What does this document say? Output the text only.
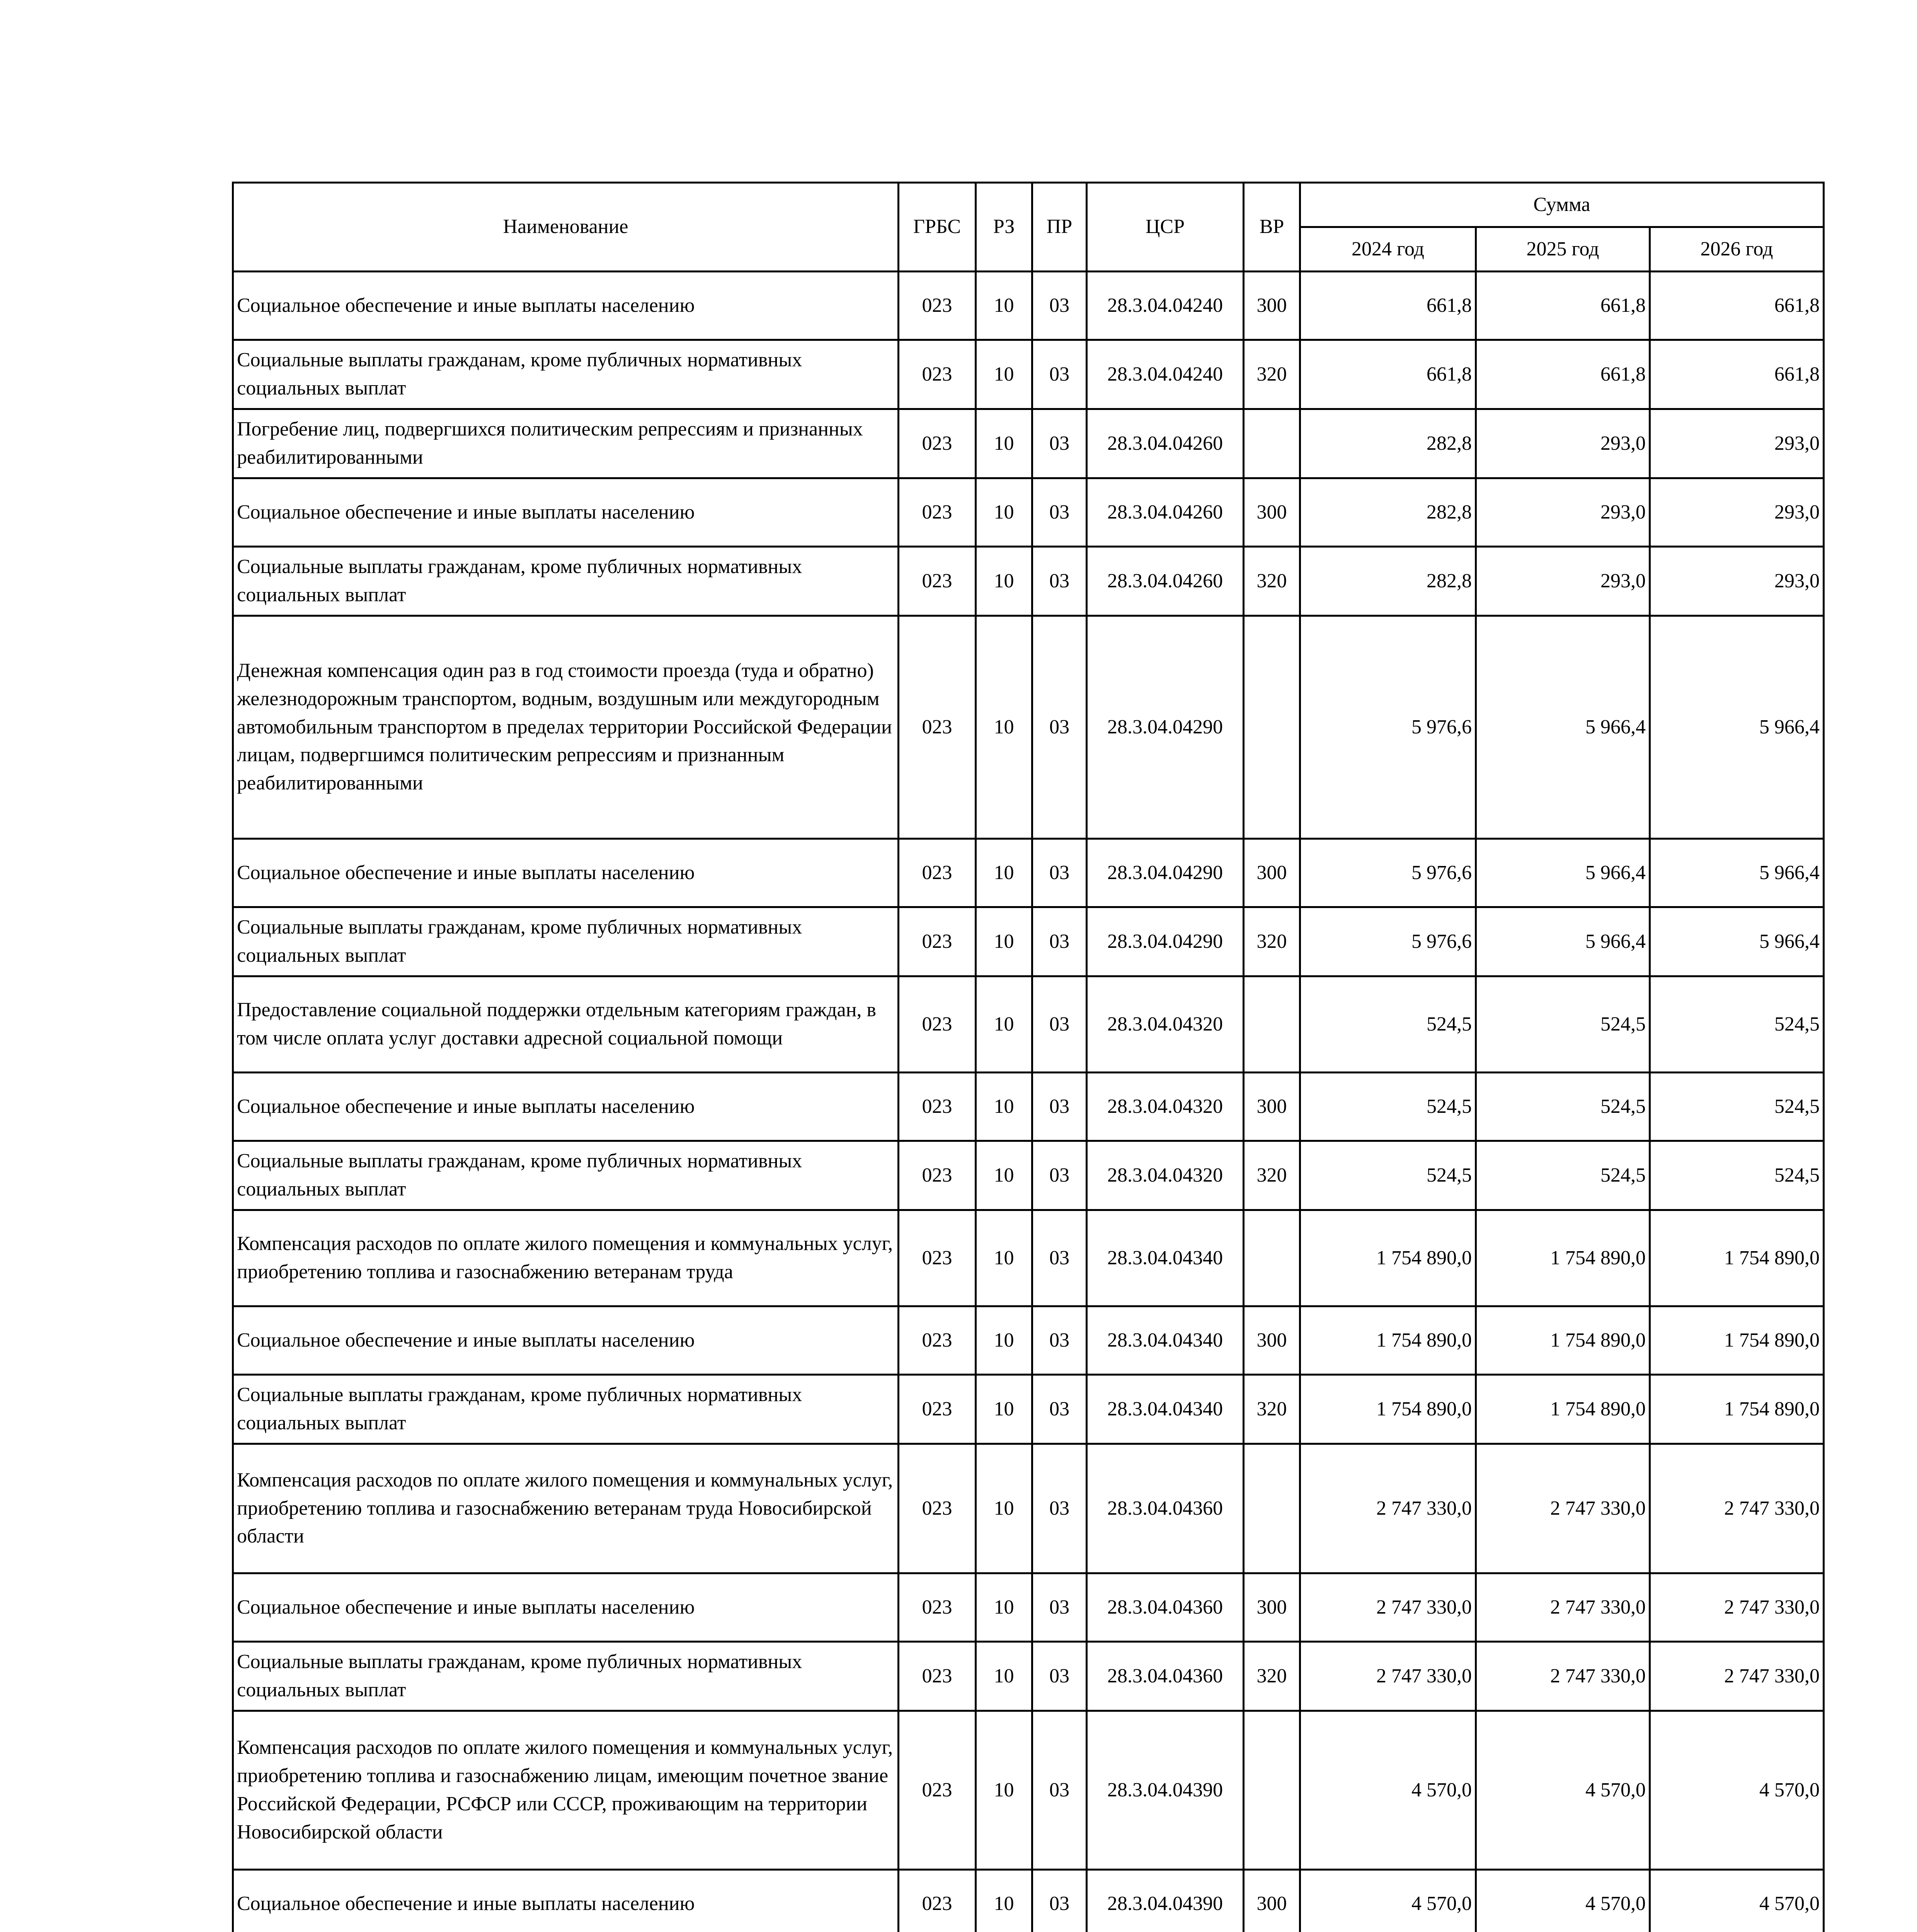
Наименование	ГРБС	РЗ	ПР	ЦСР	ВР	Сумма		
						2024 год	2025 год	2026 год
Социальное обеспечение и иные выплаты населению	023	10	03	28.3.04.04240	300	661,8	661,8	661,8
Социальные выплаты гражданам, кроме публичных нормативных социальных выплат	023	10	03	28.3.04.04240	320	661,8	661,8	661,8
Погребение лиц, подвергшихся политическим репрессиям и признанных реабилитированными	023	10	03	28.3.04.04260		282,8	293,0	293,0
Социальное обеспечение и иные выплаты населению	023	10	03	28.3.04.04260	300	282,8	293,0	293,0
Социальные выплаты гражданам, кроме публичных нормативных социальных выплат	023	10	03	28.3.04.04260	320	282,8	293,0	293,0
Денежная компенсация один раз в год стоимости проезда (туда и обратно) железнодорожным транспортом, водным, воздушным или междугородным автомобильным транспортом в пределах территории Российской Федерации лицам, подвергшимся политическим репрессиям и признанным реабилитированными	023	10	03	28.3.04.04290		5 976,6	5 966,4	5 966,4
Социальное обеспечение и иные выплаты населению	023	10	03	28.3.04.04290	300	5 976,6	5 966,4	5 966,4
Социальные выплаты гражданам, кроме публичных нормативных социальных выплат	023	10	03	28.3.04.04290	320	5 976,6	5 966,4	5 966,4
Предоставление социальной поддержки отдельным категориям граждан, в том числе оплата услуг доставки адресной социальной помощи	023	10	03	28.3.04.04320		524,5	524,5	524,5
Социальное обеспечение и иные выплаты населению	023	10	03	28.3.04.04320	300	524,5	524,5	524,5
Социальные выплаты гражданам, кроме публичных нормативных социальных выплат	023	10	03	28.3.04.04320	320	524,5	524,5	524,5
Компенсация расходов по оплате жилого помещения и коммунальных услуг, приобретению топлива и газоснабжению ветеранам труда	023	10	03	28.3.04.04340		1 754 890,0	1 754 890,0	1 754 890,0
Социальное обеспечение и иные выплаты населению	023	10	03	28.3.04.04340	300	1 754 890,0	1 754 890,0	1 754 890,0
Социальные выплаты гражданам, кроме публичных нормативных социальных выплат	023	10	03	28.3.04.04340	320	1 754 890,0	1 754 890,0	1 754 890,0
Компенсация расходов по оплате жилого помещения и коммунальных услуг, приобретению топлива и газоснабжению ветеранам труда Новосибирской области	023	10	03	28.3.04.04360		2 747 330,0	2 747 330,0	2 747 330,0
Социальное обеспечение и иные выплаты населению	023	10	03	28.3.04.04360	300	2 747 330,0	2 747 330,0	2 747 330,0
Социальные выплаты гражданам, кроме публичных нормативных социальных выплат	023	10	03	28.3.04.04360	320	2 747 330,0	2 747 330,0	2 747 330,0
Компенсация расходов по оплате жилого помещения и коммунальных услуг, приобретению топлива и газоснабжению лицам, имеющим почетное звание Российской Федерации, РСФСР или СССР, проживающим на территории Новосибирской области	023	10	03	28.3.04.04390		4 570,0	4 570,0	4 570,0
Социальное обеспечение и иные выплаты населению	023	10	03	28.3.04.04390	300	4 570,0	4 570,0	4 570,0
